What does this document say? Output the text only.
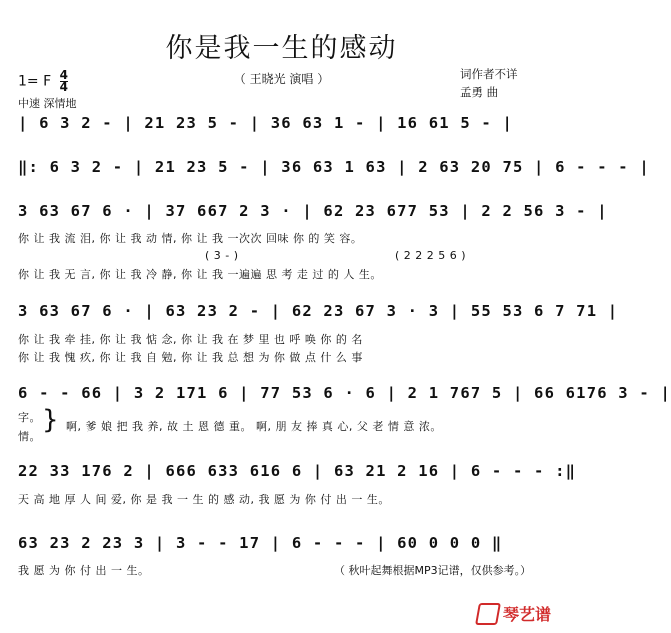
你是我一生的感动
（ 王晓光 演唱 ）	词作者不详
孟勇 曲
1= F $\frac{4}{4}$
中速 深情地
| 6 3 2 - | 21 23 5 - | 36 63 1 - | 16 61 5 - |
‖: 6 3 2 - | 21 23 5 - | 36 63 1 63 | 2 63 20 75 | 6 - - - |
3 63 67 6 · | 37 667 2 3 · | 62 23 677 53 | 2 2 56 3 - |
你 让 我 流 泪, 你 让 我 动 情, 你 让 我 一次次 回味 你 的 笑 容。
( 3 - )	( 2 2 2 5 6 )
你 让 我 无 言, 你 让 我 冷 静, 你 让 我 一遍遍 思 考 走 过 的 人 生。
3 63 67 6 · | 63 23 2 - | 62 23 67 3 · 3 | 55 53 6 7 71 |
你 让 我 牵 挂, 你 让 我 惦 念, 你 让 我 在 梦 里 也 呼 唤 你 的 名
你 让 我 愧 疚, 你 让 我 自 勉, 你 让 我 总 想 为 你 做 点 什 么 事
6 - - 66 | 3 2 171 6 | 77 53 6 · 6 | 2 1 767 5 | 66 6176 3 - |
字。
情。
} 啊, 爹 娘 把 我 养, 故 土 恩 德 重。 啊, 朋 友 捧 真 心, 父 老 情 意 浓。
22 33 176 2 | 666 633 616 6 | 63 21 2 16 | 6 - - - :‖
天 高 地 厚 人 间 爱, 你 是 我 一 生 的 感 动, 我 愿 为 你 付 出 一 生。
63 23 2 23 3 | 3 - - 17 | 6 - - - | 60 0 0 0 ‖
我 愿 为 你 付 出 一 生。	（ 秋叶起舞根据MP3记谱，仅供参考。）
琴艺谱
